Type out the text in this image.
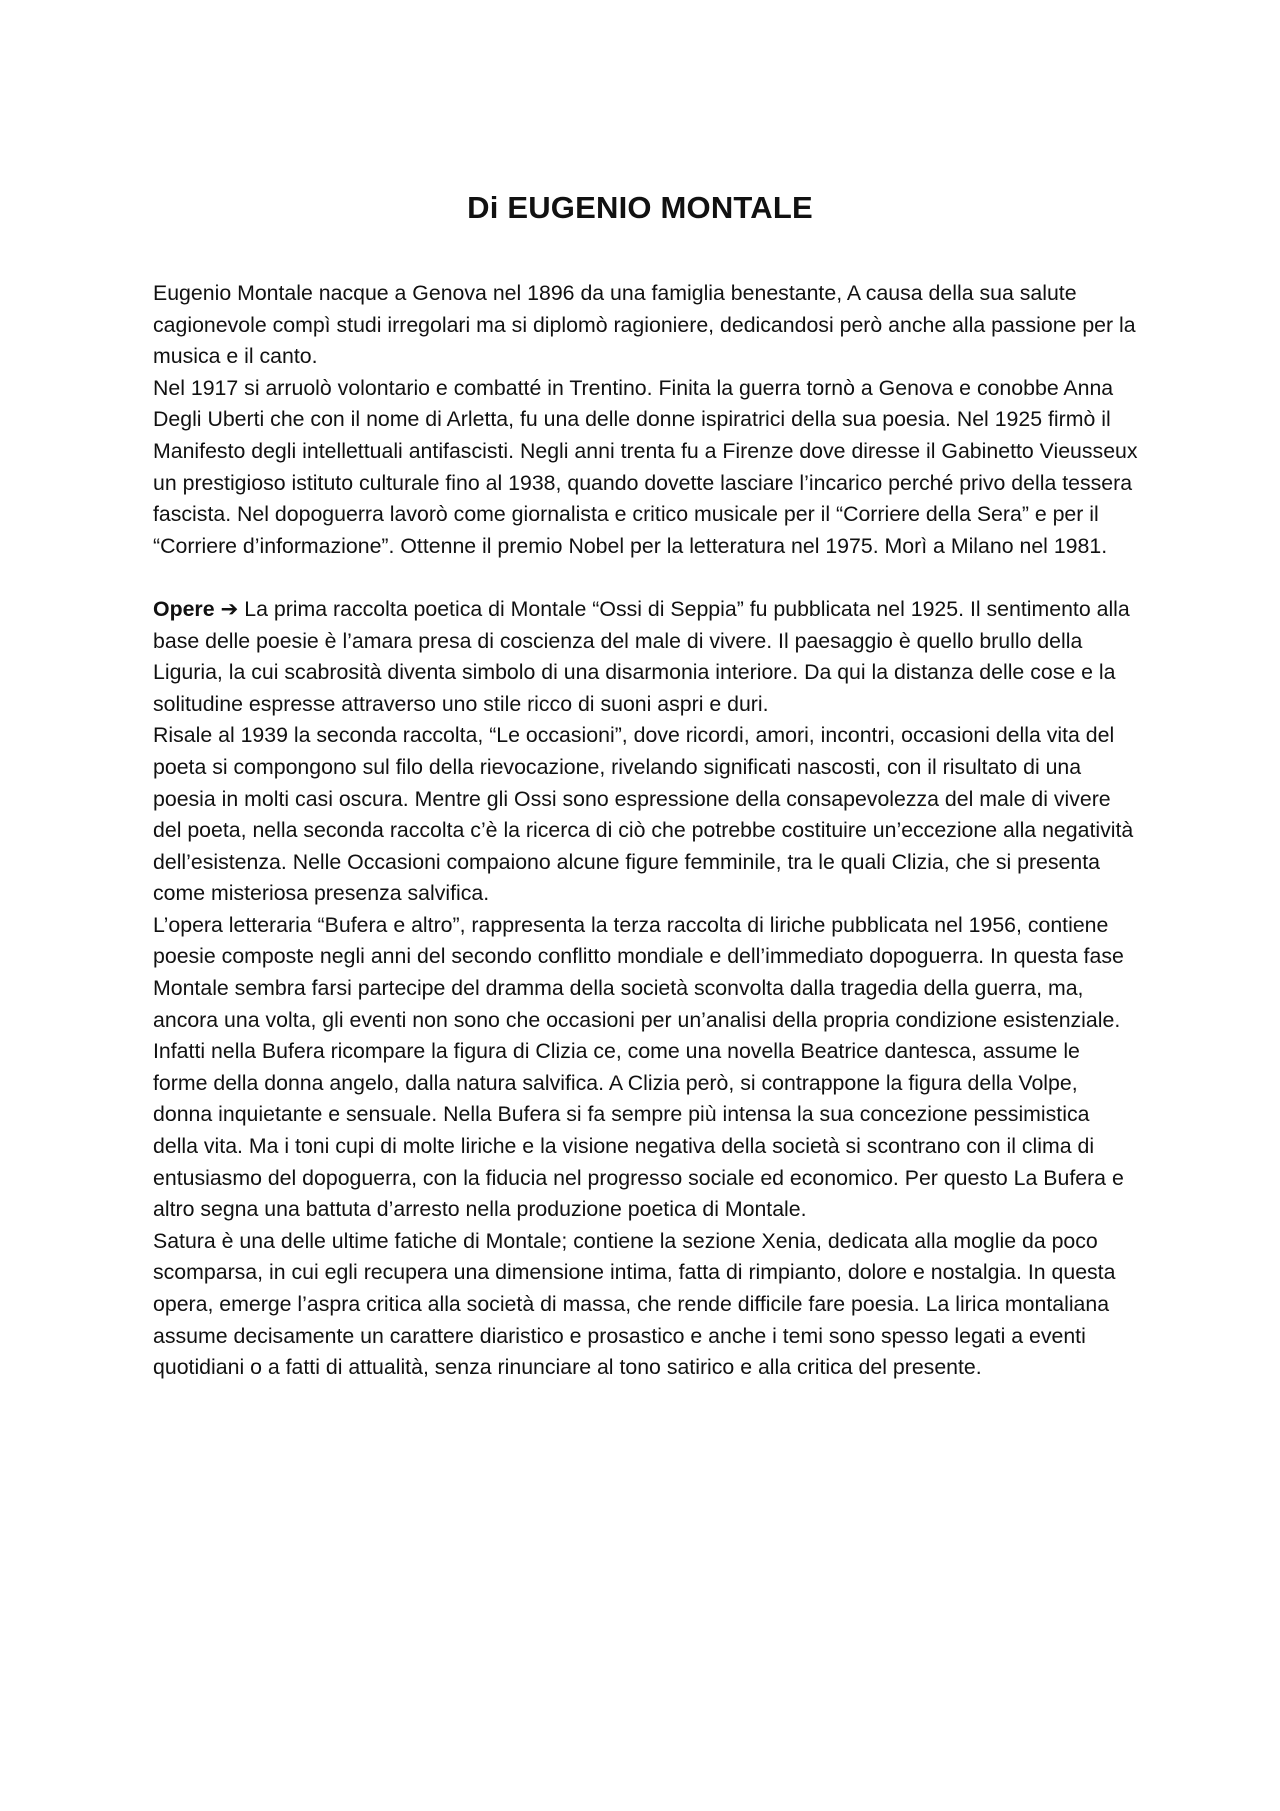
Di EUGENIO MONTALE

Eugenio Montale nacque a Genova nel 1896 da una famiglia benestante, A causa della sua salute cagionevole compì studi irregolari ma si diplomò ragioniere, dedicandosi però anche alla passione per la musica e il canto.

Nel 1917 si arruolò volontario e combatté in Trentino. Finita la guerra tornò a Genova e conobbe Anna Degli Uberti che con il nome di Arletta, fu una delle donne ispiratrici della sua poesia. Nel 1925 firmò il Manifesto degli intellettuali antifascisti. Negli anni trenta fu a Firenze dove diresse il Gabinetto Vieusseux un prestigioso istituto culturale fino al 1938, quando dovette lasciare l’incarico perché privo della tessera fascista. Nel dopoguerra lavorò come giornalista e critico musicale per il “Corriere della Sera” e per il “Corriere d’informazione”. Ottenne il premio Nobel per la letteratura nel 1975. Morì a Milano nel 1981.

Opere ➔ La prima raccolta poetica di Montale “Ossi di Seppia” fu pubblicata nel 1925. Il sentimento alla base delle poesie è l’amara presa di coscienza del male di vivere. Il paesaggio è quello brullo della Liguria, la cui scabrosità diventa simbolo di una disarmonia interiore. Da qui la distanza delle cose e la solitudine espresse attraverso uno stile ricco di suoni aspri e duri.

Risale al 1939 la seconda raccolta, “Le occasioni”, dove ricordi, amori, incontri, occasioni della vita del poeta si compongono sul filo della rievocazione, rivelando significati nascosti, con il risultato di una poesia in molti casi oscura. Mentre gli Ossi sono espressione della consapevolezza del male di vivere del poeta, nella seconda raccolta c’è la ricerca di ciò che potrebbe costituire un’eccezione alla negatività dell’esistenza. Nelle Occasioni compaiono alcune figure femminile, tra le quali Clizia, che si presenta come misteriosa presenza salvifica.

L’opera letteraria “Bufera e altro”, rappresenta la terza raccolta di liriche pubblicata nel 1956, contiene poesie composte negli anni del secondo conflitto mondiale e dell’immediato dopoguerra. In questa fase Montale sembra farsi partecipe del dramma della società sconvolta dalla tragedia della guerra, ma, ancora una volta, gli eventi non sono che occasioni per un’analisi della propria condizione esistenziale. Infatti nella Bufera ricompare la figura di Clizia ce, come una novella Beatrice dantesca, assume le forme della donna angelo, dalla natura salvifica. A Clizia però, si contrappone la figura della Volpe, donna inquietante e sensuale. Nella Bufera si fa sempre più intensa la sua concezione pessimistica della vita. Ma i toni cupi di molte liriche e la visione negativa della società si scontrano con il clima di entusiasmo del dopoguerra, con la fiducia nel progresso sociale ed economico. Per questo La Bufera e altro segna una battuta d’arresto nella produzione poetica di Montale.

Satura è una delle ultime fatiche di Montale; contiene la sezione Xenia, dedicata alla moglie da poco scomparsa, in cui egli recupera una dimensione intima, fatta di rimpianto, dolore e nostalgia. In questa opera, emerge l’aspra critica alla società di massa, che rende difficile fare poesia. La lirica montaliana assume decisamente un carattere diaristico e prosastico e anche i temi sono spesso legati a eventi quotidiani o a fatti di attualità, senza rinunciare al tono satirico e alla critica del presente.
